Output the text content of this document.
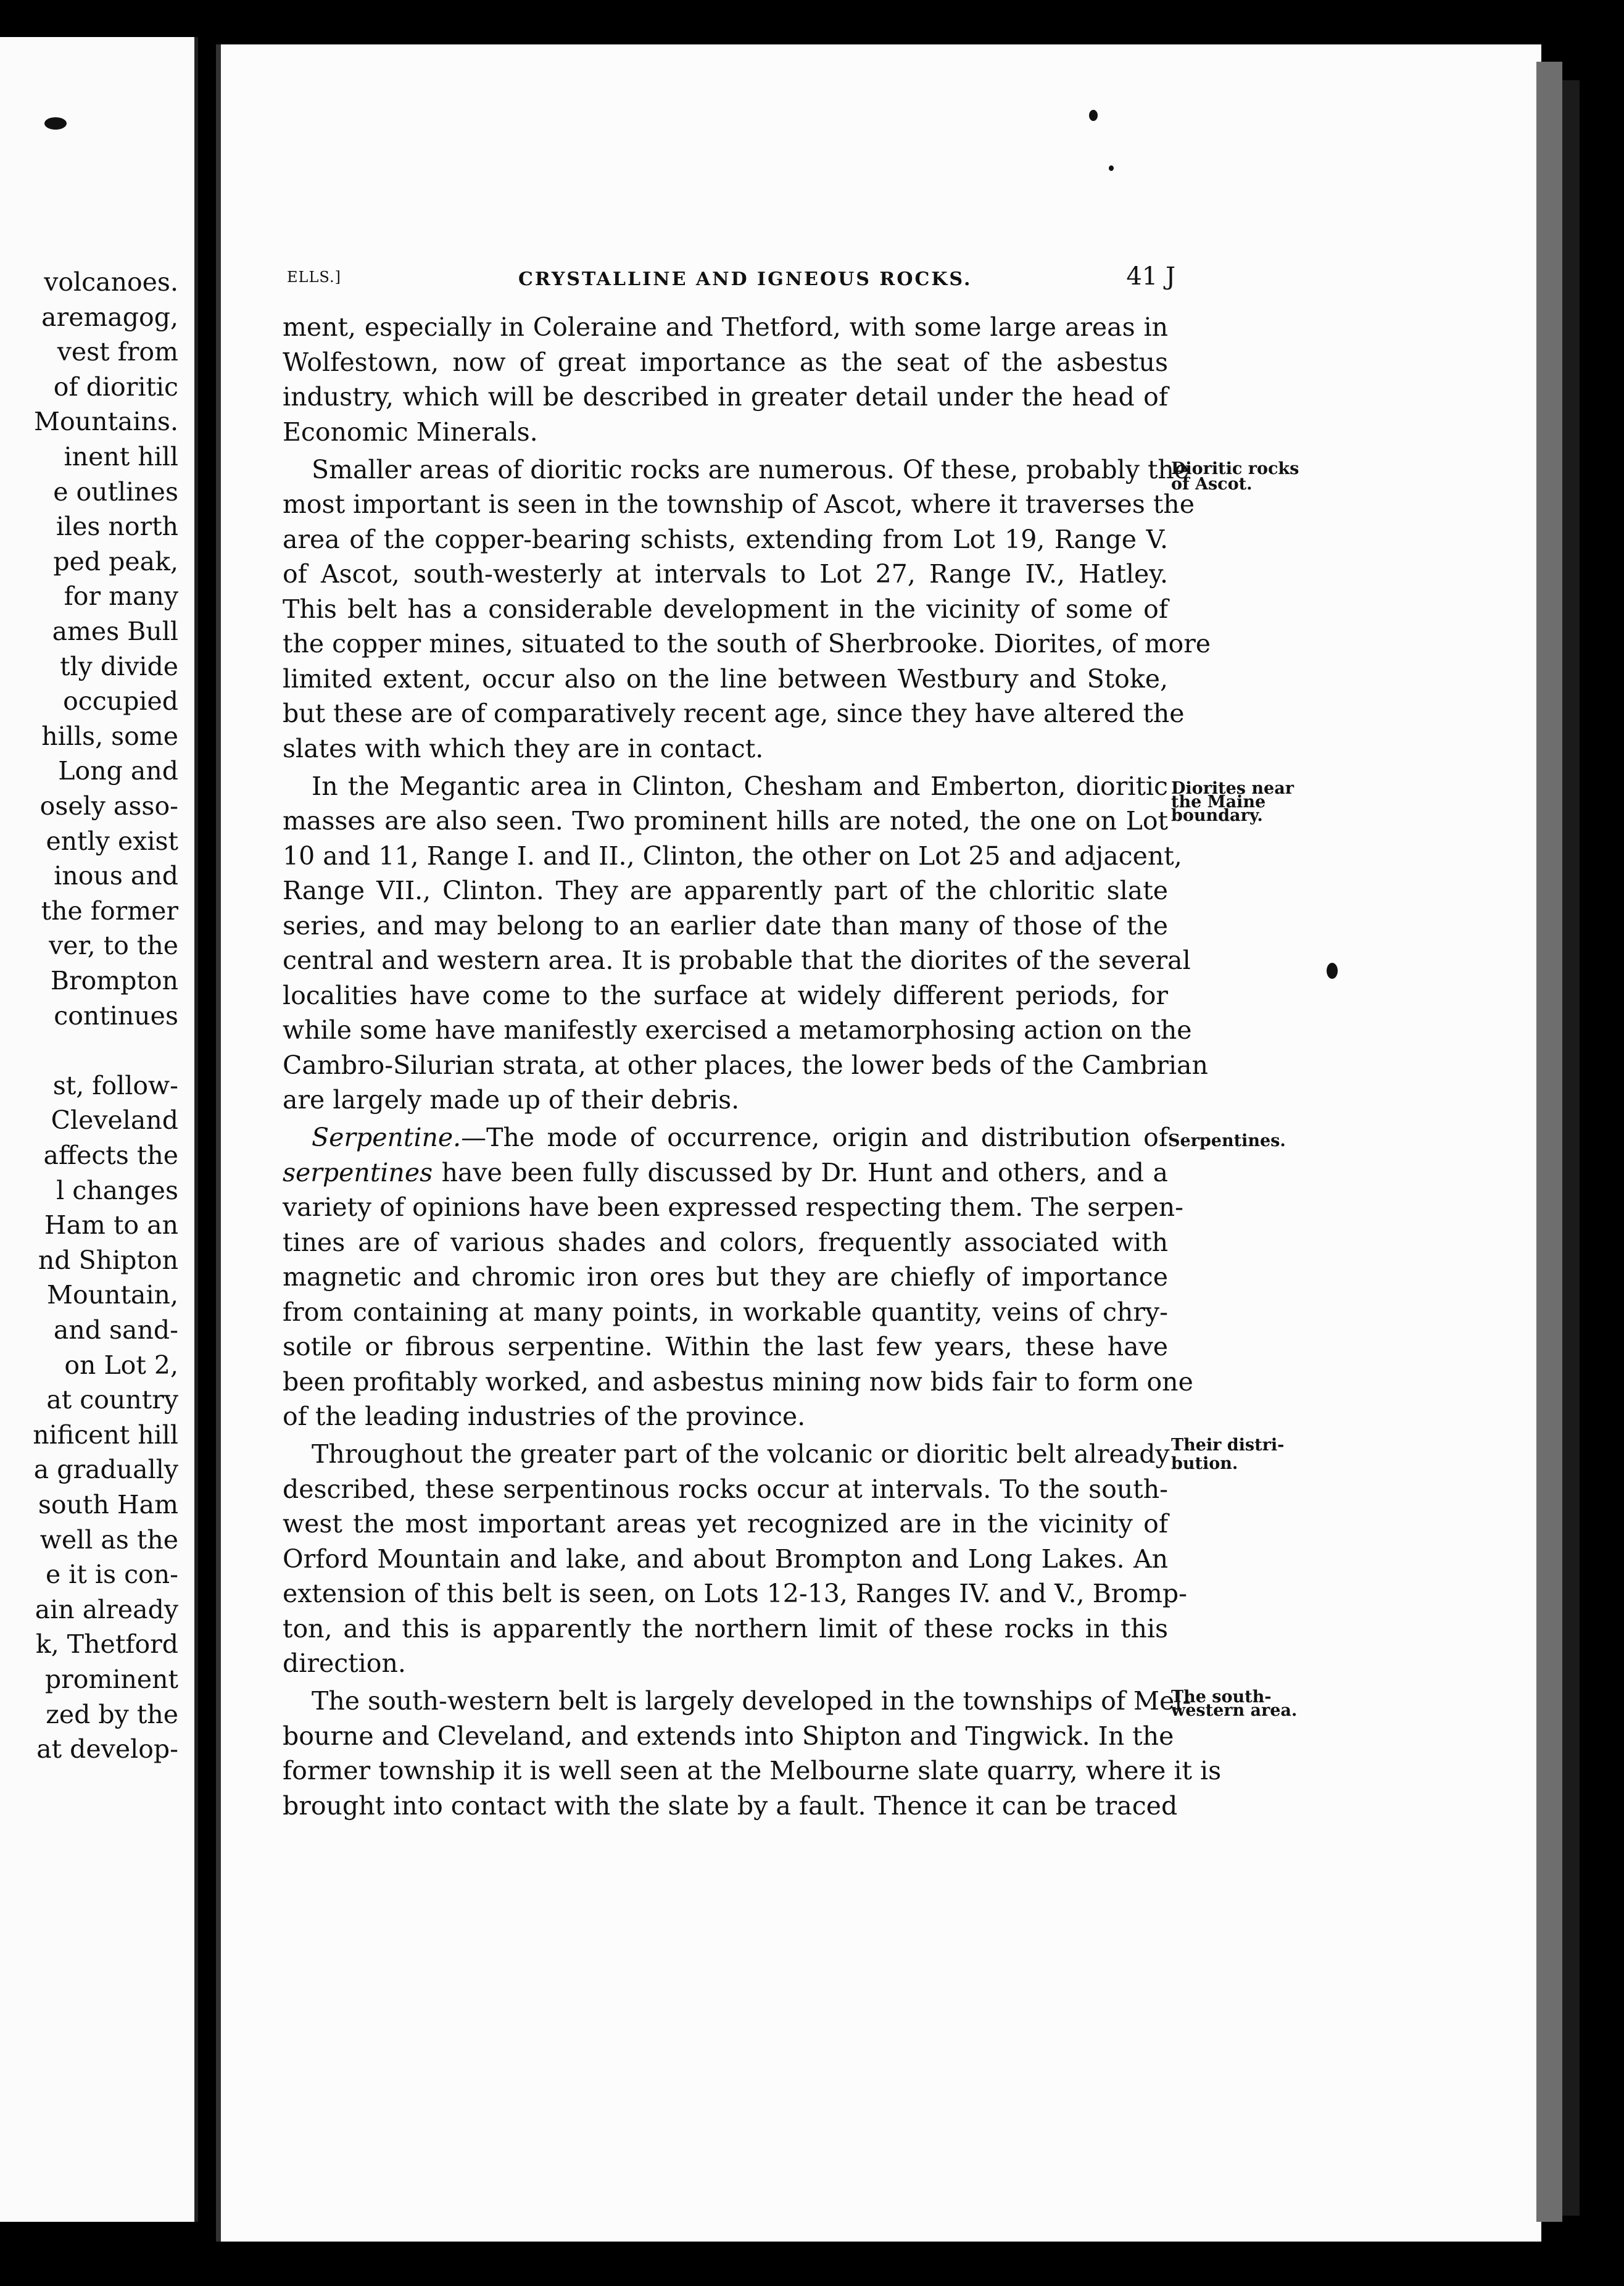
volcanoes.
aremagog,
vest from
of dioritic
Mountains.
inent hill
e outlines
iles north
ped peak,
for many
ames Bull
tly divide
occupied
hills, some
Long and
osely asso-
ently exist
inous and
the former
ver, to the
Brompton
continues
st, follow-
Cleveland
affects the
l changes
Ham to an
nd Shipton
Mountain,
and sand-
on Lot 2,
at country
nificent hill
a gradually
south Ham
well as the
e it is con-
ain already
k, Thetford
prominent
zed by the
at develop-
ELLS.]	CRYSTALLINE AND IGNEOUS ROCKS.	41 J
ment, especially in Coleraine and Thetford, with some large areas in
Wolfestown, now of great importance as the seat of the asbestus
industry, which will be described in greater detail under the head of
Economic Minerals.
Smaller areas of dioritic rocks are numerous. Of these, probably the
most important is seen in the township of Ascot, where it traverses the
area of the copper-bearing schists, extending from Lot 19, Range V.
of Ascot, south-westerly at intervals to Lot 27, Range IV., Hatley.
This belt has a considerable development in the vicinity of some of
the copper mines, situated to the south of Sherbrooke. Diorites, of more
limited extent, occur also on the line between Westbury and Stoke,
but these are of comparatively recent age, since they have altered the
slates with which they are in contact.
In the Megantic area in Clinton, Chesham and Emberton, dioritic
masses are also seen. Two prominent hills are noted, the one on Lot
10 and 11, Range I. and II., Clinton, the other on Lot 25 and adjacent,
Range VII., Clinton. They are apparently part of the chloritic slate
series, and may belong to an earlier date than many of those of the
central and western area. It is probable that the diorites of the several
localities have come to the surface at widely different periods, for
while some have manifestly exercised a metamorphosing action on the
Cambro-Silurian strata, at other places, the lower beds of the Cambrian
are largely made up of their debris.
Serpentine.—The mode of occurrence, origin and distribution of
serpentines have been fully discussed by Dr. Hunt and others, and a
variety of opinions have been expressed respecting them. The serpen-
tines are of various shades and colors, frequently associated with
magnetic and chromic iron ores but they are chiefly of importance
from containing at many points, in workable quantity, veins of chry-
sotile or fibrous serpentine. Within the last few years, these have
been profitably worked, and asbestus mining now bids fair to form one
of the leading industries of the province.
Throughout the greater part of the volcanic or dioritic belt already
described, these serpentinous rocks occur at intervals. To the south-
west the most important areas yet recognized are in the vicinity of
Orford Mountain and lake, and about Brompton and Long Lakes. An
extension of this belt is seen, on Lots 12-13, Ranges IV. and V., Bromp-
ton, and this is apparently the northern limit of these rocks in this
direction.
The south-western belt is largely developed in the townships of Mel-
bourne and Cleveland, and extends into Shipton and Tingwick. In the
former township it is well seen at the Melbourne slate quarry, where it is
brought into contact with the slate by a fault. Thence it can be traced
Dioritic rocks
of Ascot.
Diorites near
the Maine
boundary.
Serpentines.
Their distri-
bution.
The south-
western area.
